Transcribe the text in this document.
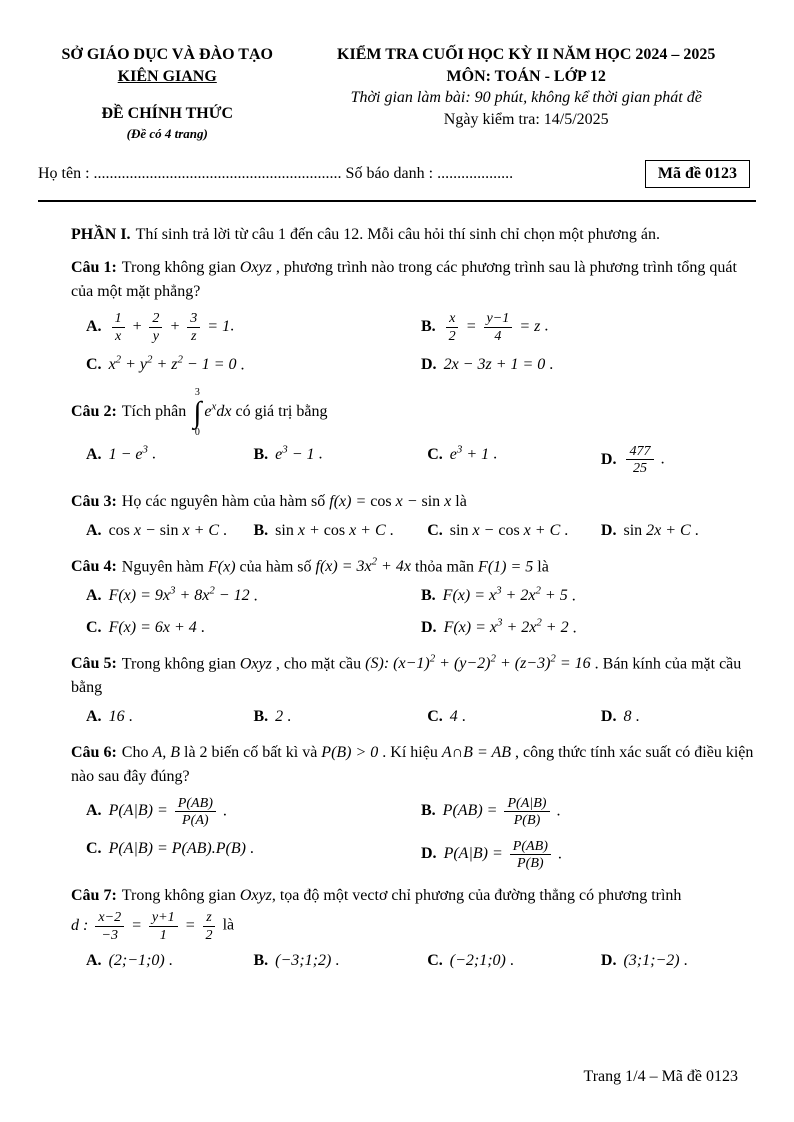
SỞ GIÁO DỤC VÀ ĐÀO TẠO
KIÊN GIANG
ĐỀ CHÍNH THỨC
(Đề có 4 trang)
KIỂM TRA CUỐI HỌC KỲ II NĂM HỌC 2024 – 2025
MÔN: TOÁN - LỚP 12
Thời gian làm bài: 90 phút, không kể thời gian phát đề
Ngày kiểm tra: 14/5/2025
Họ tên : .............................................................. Số báo danh : ...................	Mã đề 0123

PHẦN I. Thí sinh trả lời từ câu 1 đến câu 12. Mỗi câu hỏi thí sinh chỉ chọn một phương án.

Câu 1: Trong không gian Oxyz , phương trình nào trong các phương trình sau là phương trình tổng quát của một mặt phẳng?

A. $\frac{1}{x} + \frac{2}{y} + \frac{3}{z} = 1$.	B. $\frac{x}{2} = \frac{y-1}{4} = z$ .
C. $x^2 + y^2 + z^2 - 1 = 0$ .	D. 2x − 3z + 1 = 0 .

Câu 2: Tích phân
3
∫
0
$e^xdx$ có giá trị bằng

A. $1 - e^3$ .	B. $e^3 - 1$ .	C. $e^3 + 1$ .	D. $\frac{477}{25}$ .

Câu 3: Họ các nguyên hàm của hàm số f(x) = cos x − sin x là

A. cos x − sin x + C .	B. sin x + cos x + C .	C. sin x − cos x + C .	D. sin 2x + C .

Câu 4: Nguyên hàm F(x) của hàm số $f(x) = 3x^2 + 4x$ thỏa mãn F(1) = 5 là

A. $F(x) = 9x^3 + 8x^2 - 12$ .	B. $F(x) = x^3 + 2x^2 + 5$ .
C. F(x) = 6x + 4 .	D. $F(x) = x^3 + 2x^2 + 2$ .

Câu 5: Trong không gian Oxyz , cho mặt cầu (S): $(x-1)^2 + (y-2)^2 + (z-3)^2 = 16$ . Bán kính của mặt cầu bằng

A. 16 .	B. 2 .	C. 4 .	D. 8 .

Câu 6: Cho A, B là 2 biến cố bất kì và P(B) > 0 . Kí hiệu A∩B = AB , công thức tính xác suất có điều kiện nào sau đây đúng?

A. $P(A|B) = \frac{P(AB)}{P(A)}$ .	B. $P(AB) = \frac{P(A|B)}{P(B)}$ .
C. P(A|B) = P(AB).P(B) .	D. $P(A|B) = \frac{P(AB)}{P(B)}$ .

Câu 7: Trong không gian Oxyz, tọa độ một vectơ chỉ phương của đường thẳng có phương trình d : $\frac{x-2}{-3} = \frac{y+1}{1} = \frac{z}{2}$ là

A. (2;−1;0) .	B. (−3;1;2) .	C. (−2;1;0) .	D. (3;1;−2) .
Trang 1/4 – Mã đề 0123
